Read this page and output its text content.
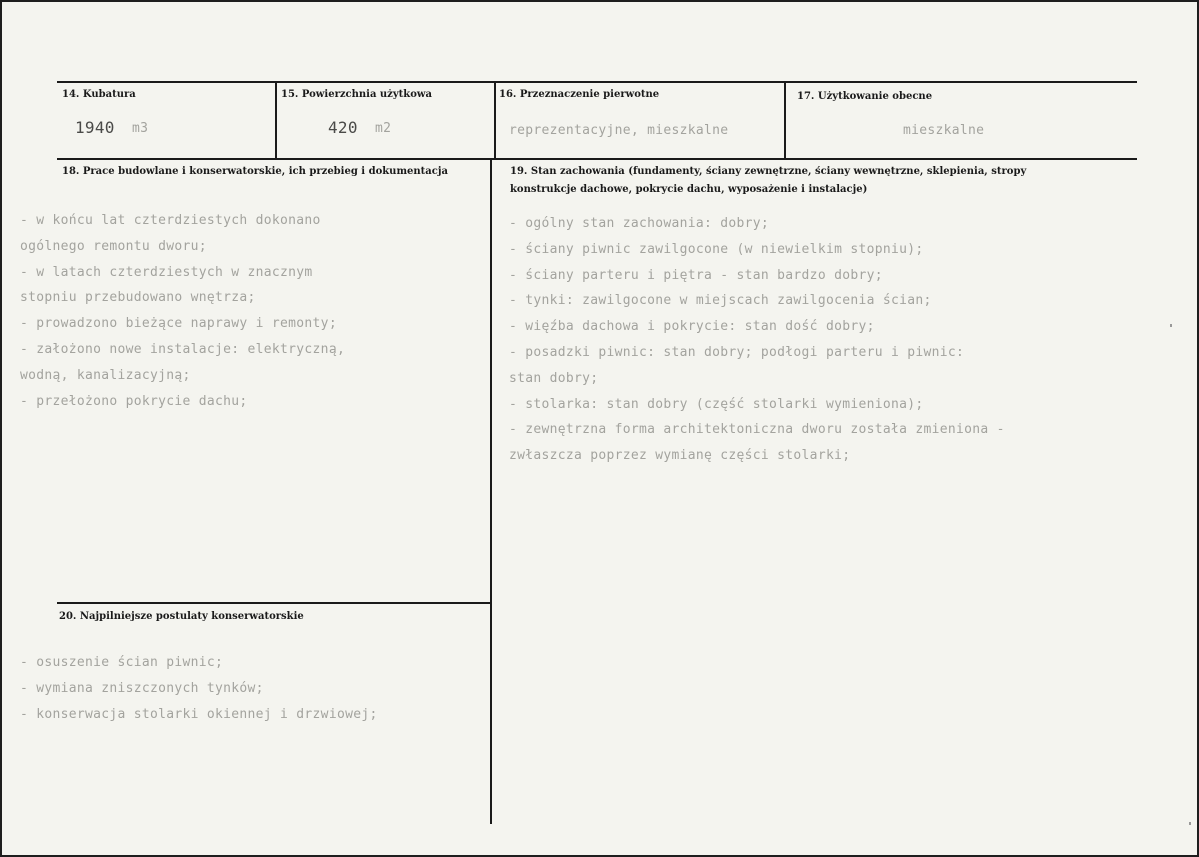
14. Kubatura	15. Powierzchnia użytkowa	16. Przeznaczenie pierwotne	17. Użytkowanie obecne
1940 m3	420 m2	reprezentacyjne, mieszkalne	mieszkalne
18. Prace budowlane i konserwatorskie, ich przebieg i dokumentacja
- w końcu lat czterdziestych dokonano
ogólnego remontu dworu;
- w latach czterdziestych w znacznym
stopniu przebudowano wnętrza;
- prowadzono bieżące naprawy i remonty;
- założono nowe instalacje: elektryczną,
wodną, kanalizacyjną;
- przełożono pokrycie dachu;
19. Stan zachowania (fundamenty, ściany zewnętrzne, ściany wewnętrzne, sklepienia, stropy
konstrukcje dachowe, pokrycie dachu, wyposażenie i instalacje)
- ogólny stan zachowania: dobry;
- ściany piwnic zawilgocone (w niewielkim stopniu);
- ściany parteru i piętra - stan bardzo dobry;
- tynki: zawilgocone w miejscach zawilgocenia ścian;
- więźba dachowa i pokrycie: stan dość dobry;
- posadzki piwnic: stan dobry; podłogi parteru i piwnic:
stan dobry;
- stolarka: stan dobry (część stolarki wymieniona);
- zewnętrzna forma architektoniczna dworu została zmieniona -
zwłaszcza poprzez wymianę części stolarki;
20. Najpilniejsze postulaty konserwatorskie
- osuszenie ścian piwnic;
- wymiana zniszczonych tynków;
- konserwacja stolarki okiennej i drzwiowej;
